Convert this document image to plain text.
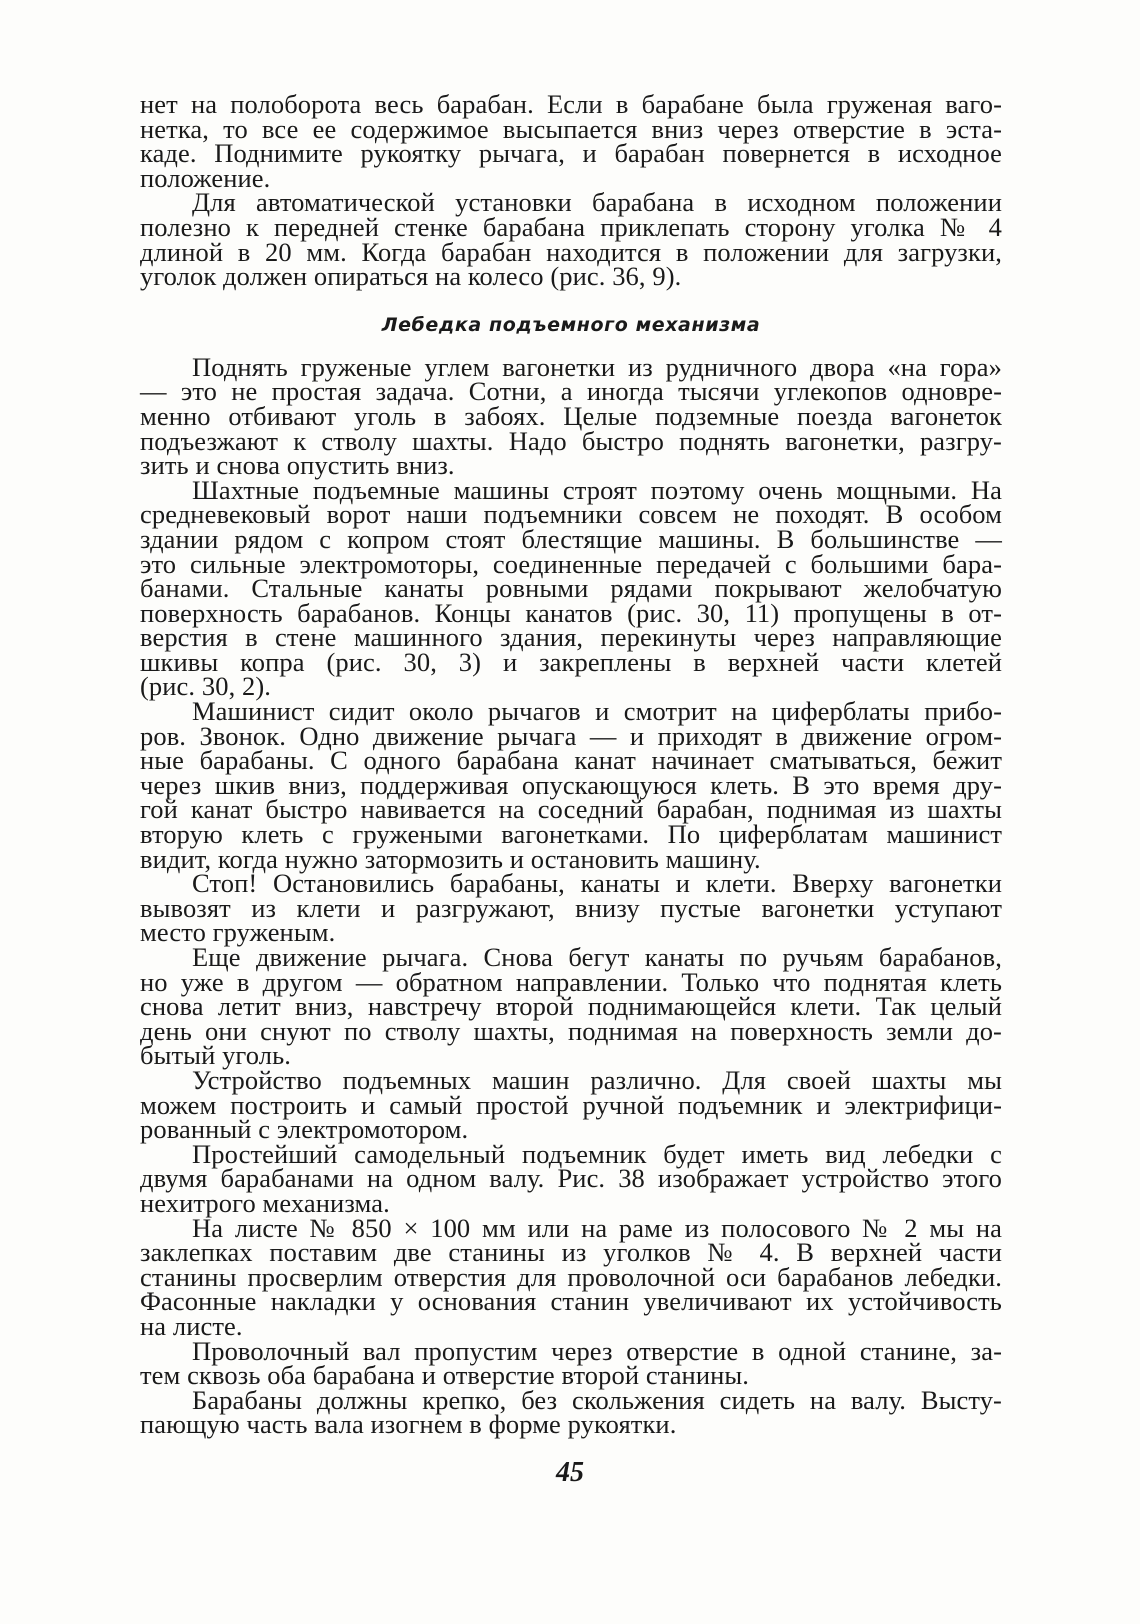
нет на полоборота весь барабан. Если в барабане была груженая ваго-
нетка, то все ее содержимое высыпается вниз через отверстие в эста-
каде. Поднимите рукоятку рычага, и барабан повернется в исходное
положение.
Для автоматической установки барабана в исходном положении
полезно к передней стенке барабана приклепать сторону уголка № 4
длиной в 20 мм. Когда барабан находится в положении для загрузки,
уголок должен опираться на колесо (рис. 36, 9).
Лебедка подъемного механизма
Поднять груженые углем вагонетки из рудничного двора «на гора»
— это не простая задача. Сотни, а иногда тысячи углекопов одновре-
менно отбивают уголь в забоях. Целые подземные поезда вагонеток
подъезжают к стволу шахты. Надо быстро поднять вагонетки, разгру-
зить и снова опустить вниз.
Шахтные подъемные машины строят поэтому очень мощными. На
средневековый ворот наши подъемники совсем не походят. В особом
здании рядом с копром стоят блестящие машины. В большинстве —
это сильные электромоторы, соединенные передачей с большими бара-
банами. Стальные канаты ровными рядами покрывают желобчатую
поверхность барабанов. Концы канатов (рис. 30, 11) пропущены в от-
верстия в стене машинного здания, перекинуты через направляющие
шкивы копра (рис. 30, 3) и закреплены в верхней части клетей
(рис. 30, 2).
Машинист сидит около рычагов и смотрит на циферблаты прибо-
ров. Звонок. Одно движение рычага — и приходят в движение огром-
ные барабаны. С одного барабана канат начинает сматываться, бежит
через шкив вниз, поддерживая опускающуюся клеть. В это время дру-
гой канат быстро навивается на соседний барабан, поднимая из шахты
вторую клеть с гружеными вагонетками. По циферблатам машинист
видит, когда нужно затормозить и остановить машину.
Стоп! Остановились барабаны, канаты и клети. Вверху вагонетки
вывозят из клети и разгружают, внизу пустые вагонетки уступают
место груженым.
Еще движение рычага. Снова бегут канаты по ручьям барабанов,
но уже в другом — обратном направлении. Только что поднятая клеть
снова летит вниз, навстречу второй поднимающейся клети. Так целый
день они снуют по стволу шахты, поднимая на поверхность земли до-
бытый уголь.
Устройство подъемных машин различно. Для своей шахты мы
можем построить и самый простой ручной подъемник и электрифици-
рованный с электромотором.
Простейший самодельный подъемник будет иметь вид лебедки с
двумя барабанами на одном валу. Рис. 38 изображает устройство этого
нехитрого механизма.
На листе № 850 × 100 мм или на раме из полосового № 2 мы на
заклепках поставим две станины из уголков № 4. В верхней части
станины просверлим отверстия для проволочной оси барабанов лебедки.
Фасонные накладки у основания станин увеличивают их устойчивость
на листе.
Проволочный вал пропустим через отверстие в одной станине, за-
тем сквозь оба барабана и отверстие второй станины.
Барабаны должны крепко, без скольжения сидеть на валу. Высту-
пающую часть вала изогнем в форме рукоятки.
45
